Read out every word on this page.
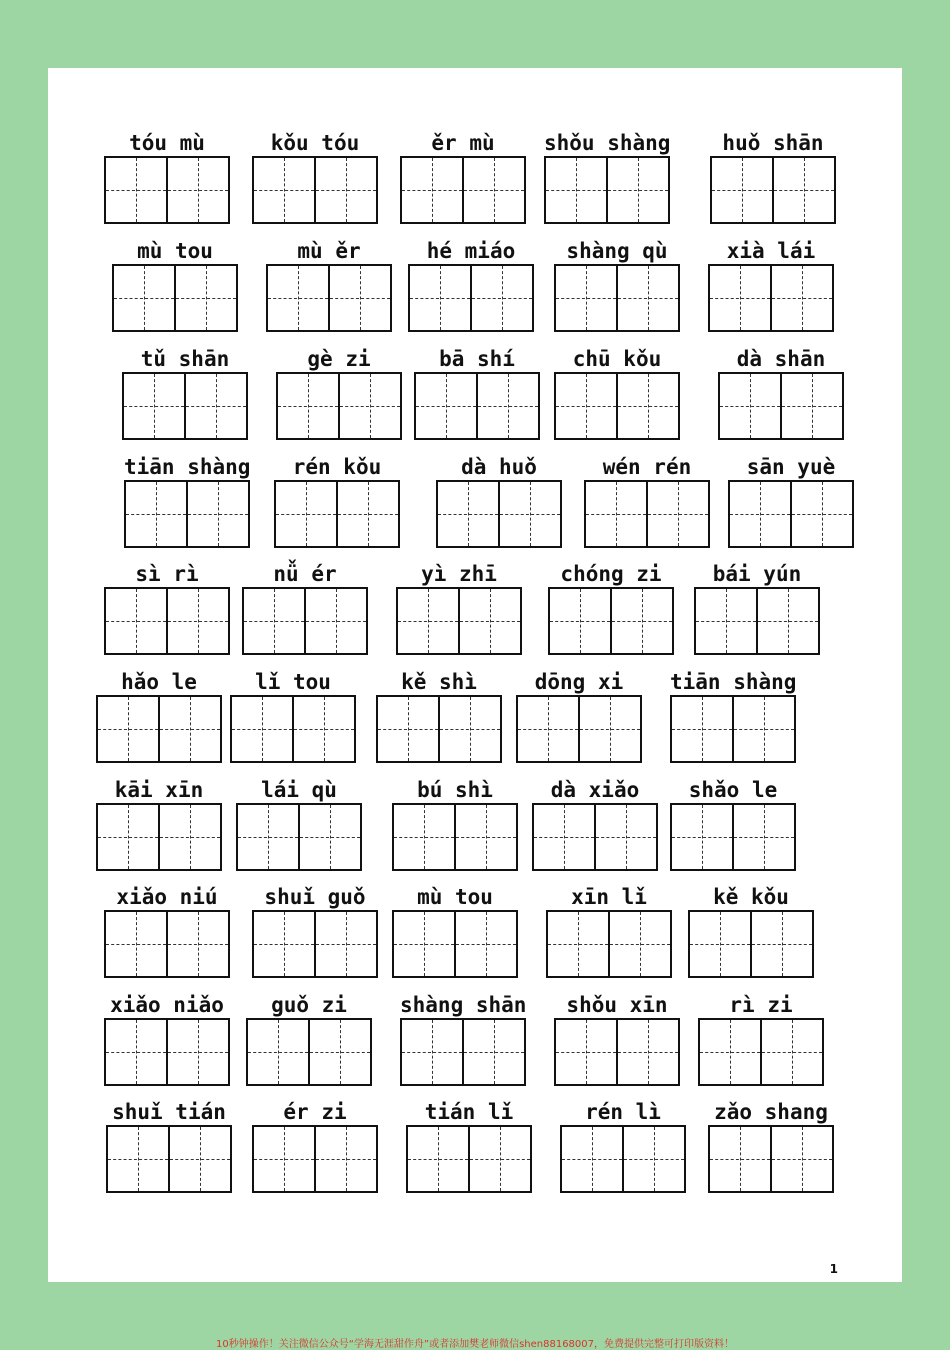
tóu mù	kǒu tóu	ěr mù	shǒu shàng	huǒ shān
mù tou	mù ěr	hé miáo	shàng qù	xià lái
tǔ shān	gè zi	bā shí	chū kǒu	dà shān
tiān shàng	rén kǒu	dà huǒ	wén rén	sān yuè
sì rì	nǚ ér	yì zhī	chóng zi	bái yún
hǎo le	lǐ tou	kě shì	dōng xi	tiān shàng
kāi xīn	lái qù	bú shì	dà xiǎo	shǎo le
xiǎo niú	shuǐ guǒ	mù tou	xīn lǐ	kě kǒu
xiǎo niǎo	guǒ zi	shàng shān	shǒu xīn	rì zi
shuǐ tián	ér zi	tián lǐ	rén lì	zǎo shang
1
10秒钟操作！关注微信公众号“学海无涯甜作舟”或者添加樊老师微信shen88168007，免费提供完整可打印版资料！
